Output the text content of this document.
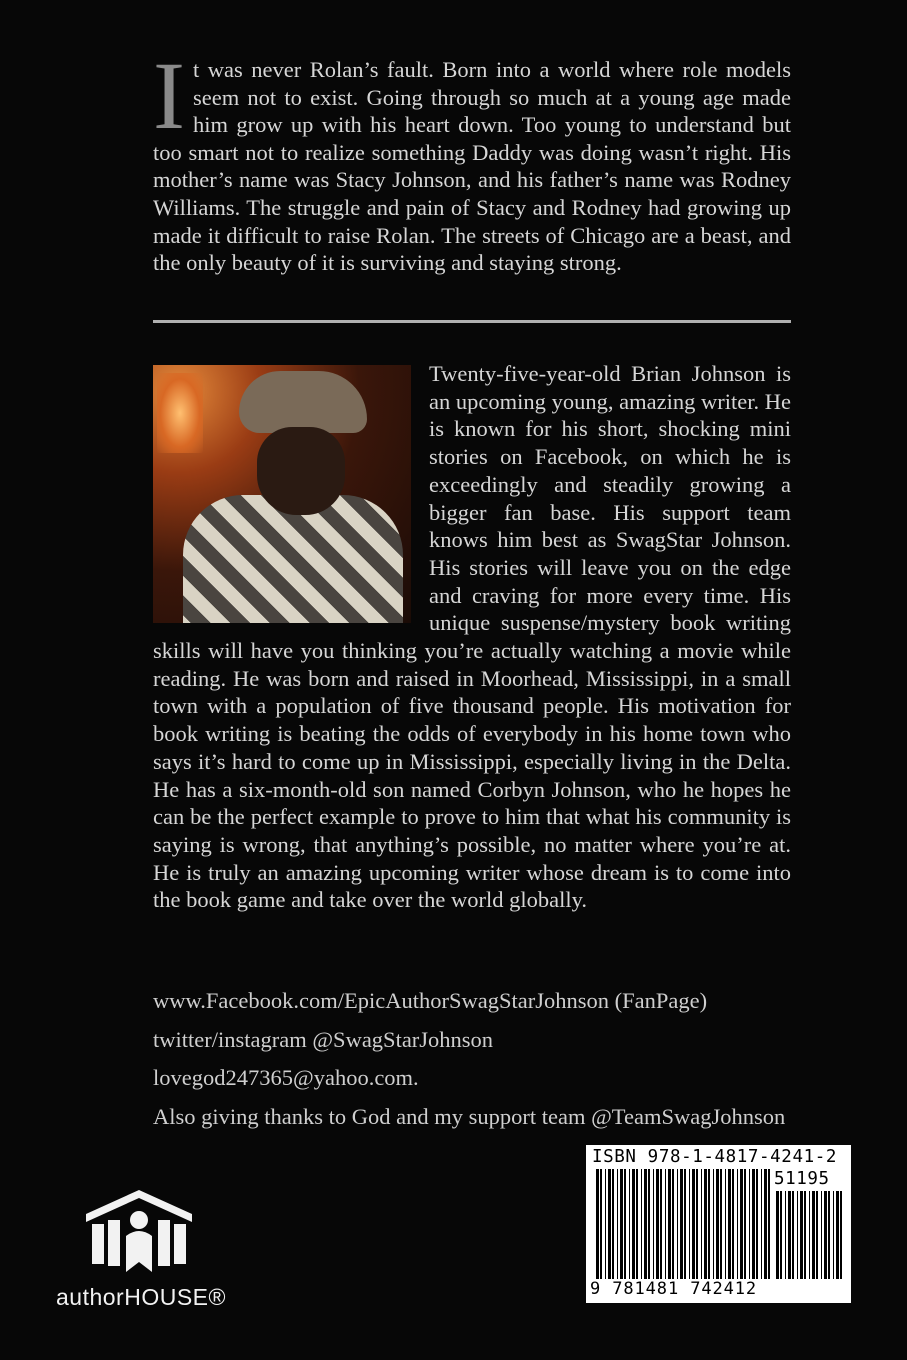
It was never Rolan’s fault. Born into a world where role models seem not to exist. Going through so much at a young age made him grow up with his heart down. Too young to understand but too smart not to realize something Daddy was doing wasn’t right. His mother’s name was Stacy Johnson, and his father’s name was Rodney Williams. The struggle and pain of Stacy and Rodney had growing up made it difficult to raise Rolan. The streets of Chicago are a beast, and the only beauty of it is surviving and staying strong.

Twenty-five-year-old Brian Johnson is an upcoming young, amazing writer. He is known for his short, shocking mini stories on Facebook, on which he is exceedingly and steadily growing a bigger fan base. His support team knows him best as SwagStar Johnson. His stories will leave you on the edge and craving for more every time. His unique suspense/mystery book writing skills will have you thinking you’re actually watching a movie while reading. He was born and raised in Moorhead, Mississippi, in a small town with a population of five thousand people. His motivation for book writing is beating the odds of everybody in his home town who says it’s hard to come up in Mississippi, especially living in the Delta. He has a six-month-old son named Corbyn Johnson, who he hopes he can be the perfect example to prove to him that what his community is saying is wrong, that anything’s possible, no matter where you’re at. He is truly an amazing upcoming writer whose dream is to come into the book game and take over the world globally.

www.Facebook.com/EpicAuthorSwagStarJohnson (FanPage)
twitter/instagram @SwagStarJohnson
lovegod247365@yahoo.com.
Also giving thanks to God and my support team @TeamSwagJohnson
authorHOUSE®
ISBN 978-1-4817-4241-2
51195
9 781481 742412
